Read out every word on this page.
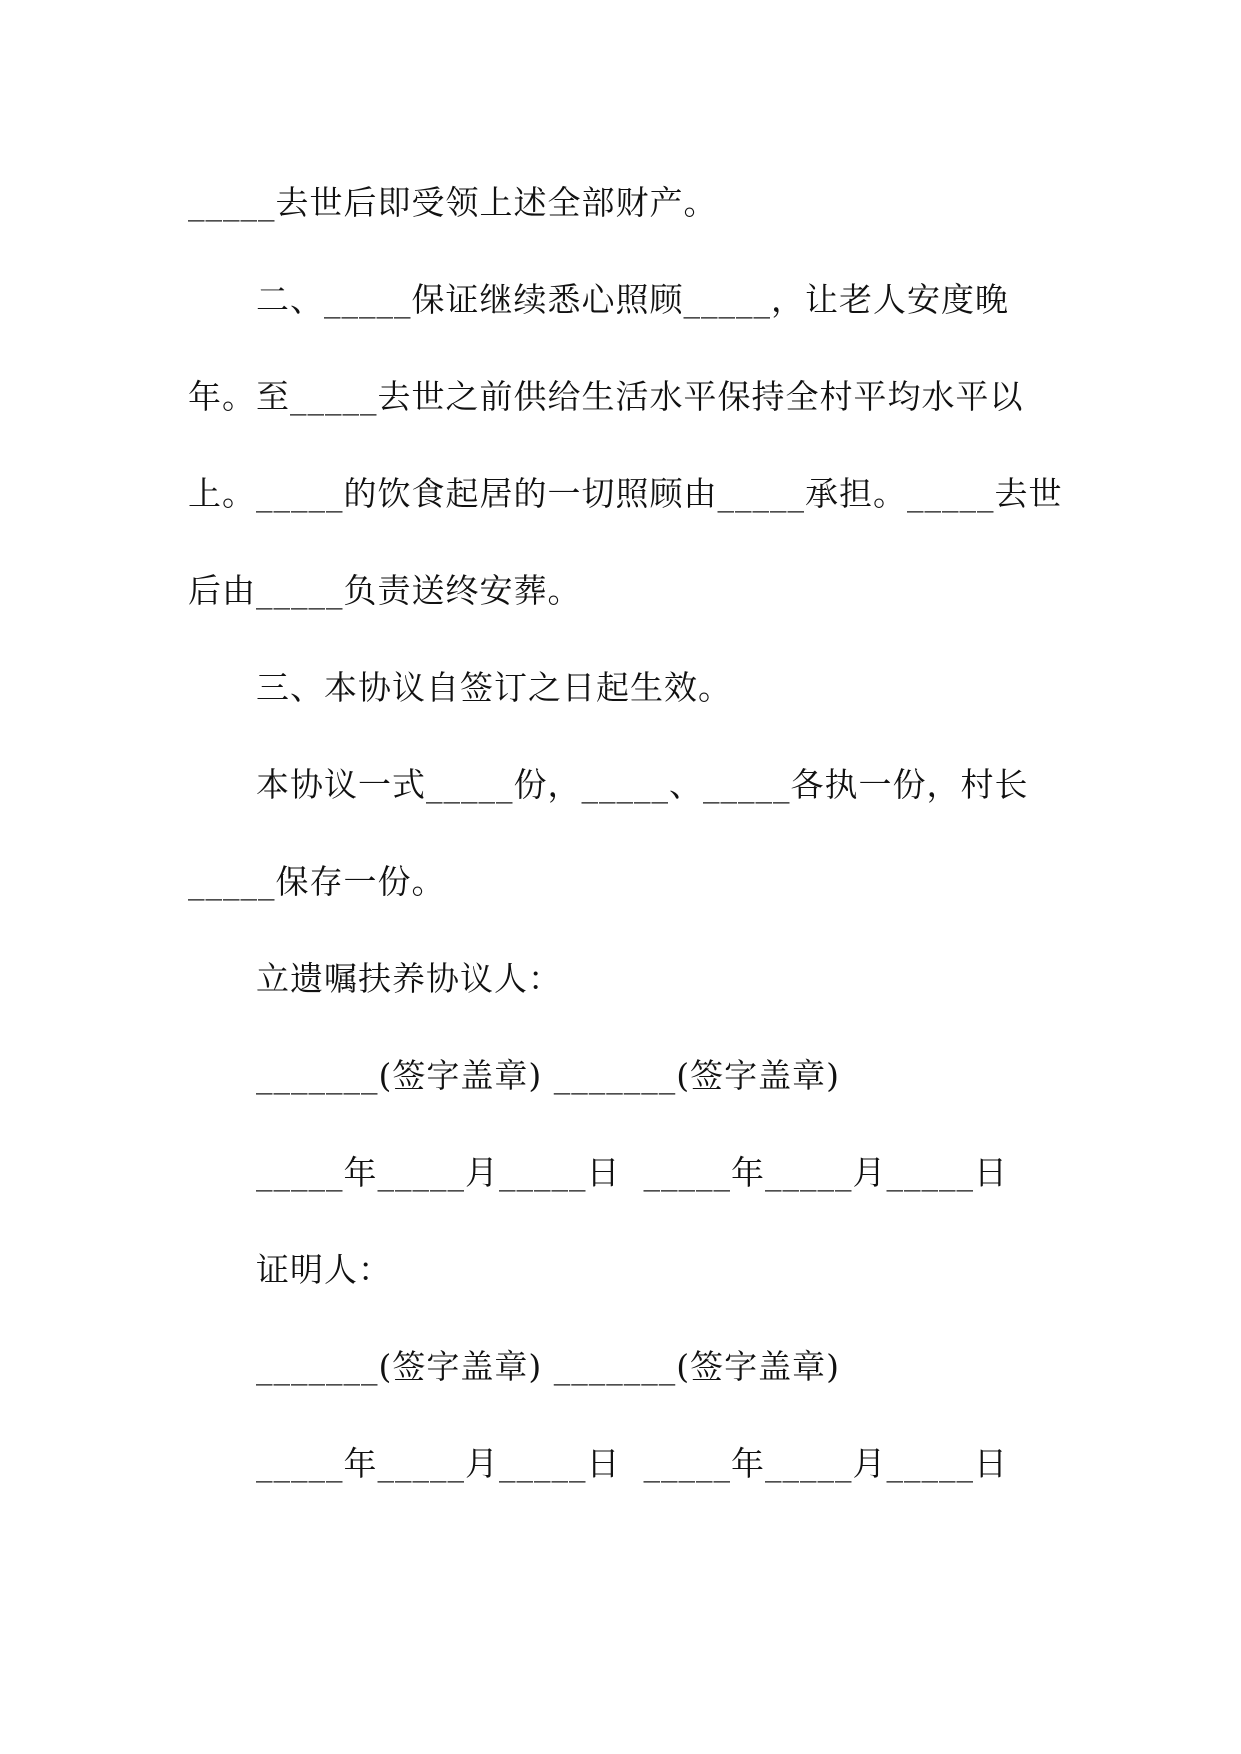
_____去世后即受领上述全部财产。
二、_____保证继续悉心照顾_____，让老人安度晚
年。至_____去世之前供给生活水平保持全村平均水平以
上。_____的饮食起居的一切照顾由_____承担。_____去世
后由_____负责送终安葬。
三、本协议自签订之日起生效。
本协议一式_____份，_____、_____各执一份，村长
_____保存一份。
立遗嘱扶养协议人：
_______(签字盖章) _______(签字盖章)
_____年_____月_____日  _____年_____月_____日
证明人：
_______(签字盖章) _______(签字盖章)
_____年_____月_____日  _____年_____月_____日
